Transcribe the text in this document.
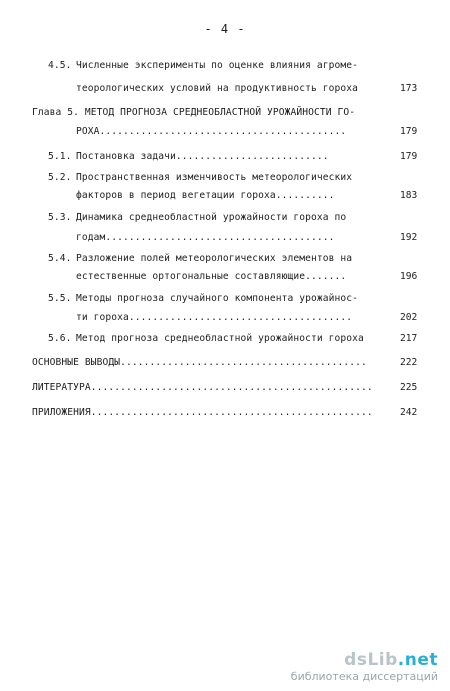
- 4 -
4.5. Численные эксперименты по оценке влияния агроме-
теорологических условий на продуктивность гороха	173
Глава 5. МЕТОД ПРОГНОЗА СРЕДНЕОБЛАСТНОЙ УРОЖАЙНОСТИ ГО-
РОХА..........................................	179
5.1. Постановка задачи..........................	179
5.2. Пространственная изменчивость метеорологических
факторов в период вегетации гороха..........	183
5.3. Динамика среднеобластной урожайности гороха по
годам.......................................	192
5.4. Разложение полей метеорологических элементов на
естественные ортогональные составляющие.......	196
5.5. Методы прогноза случайного компонента урожайнос-
ти гороха......................................	202
5.6. Метод прогноза среднеобластной урожайности гороха	217
ОСНОВНЫЕ ВЫВОДЫ..........................................	222
ЛИТЕРАТУРА................................................	225
ПРИЛОЖЕНИЯ................................................	242
dsLib.net
библиотека диссертаций
